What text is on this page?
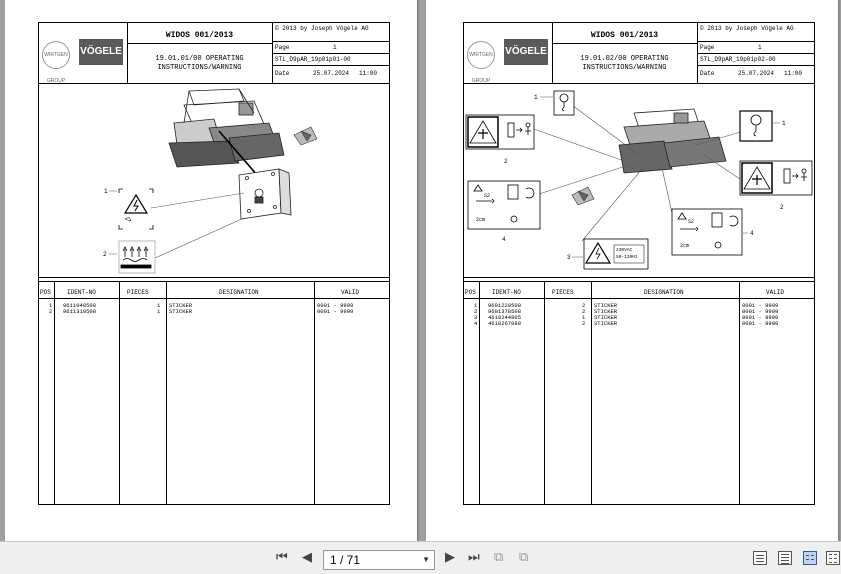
WIRTGEN GROUP
VÖGELE
WIDOS 001/2013
19.01.01/00 OPERATING
INSTRUCTIONS/WARNING
© 2013 by Joseph Vögele AG
Page	1
STL_D9pAR_19p01p01-00
Date	25.07.2024 11:00
1
2
POS	IDENT-NO	PIECES	DESIGNATION	VALID
1 9611040508	1 STICKER	0001 - 9999
2 9611310508	1 STICKER	0001 - 9999
WIRTGEN GROUP
VÖGELE
WIDOS 001/2013
19.01.02/00 OPERATING
INSTRUCTIONS/WARNING
© 2013 by Joseph Vögele AG
Page	1
STL_D9pAR_19p01p02-00
Date	25.07.2024 11:00
1
2
S2
2cm
4
230VAC
50-120Hz
3
1
2
S2
2cm
4
POS	IDENT-NO	PIECES	DESIGNATION	VALID
1 9601220508	2 STICKER	0001 - 9999
2 9601370508	2 STICKER	0001 - 9999
3 4618244805	1 STICKER	0001 - 9999
4 4618267088	2 STICKER	0001 - 9999
⏮ ◀	1 / 71	▼ ▶ ⏭ ⧉ ⧉
